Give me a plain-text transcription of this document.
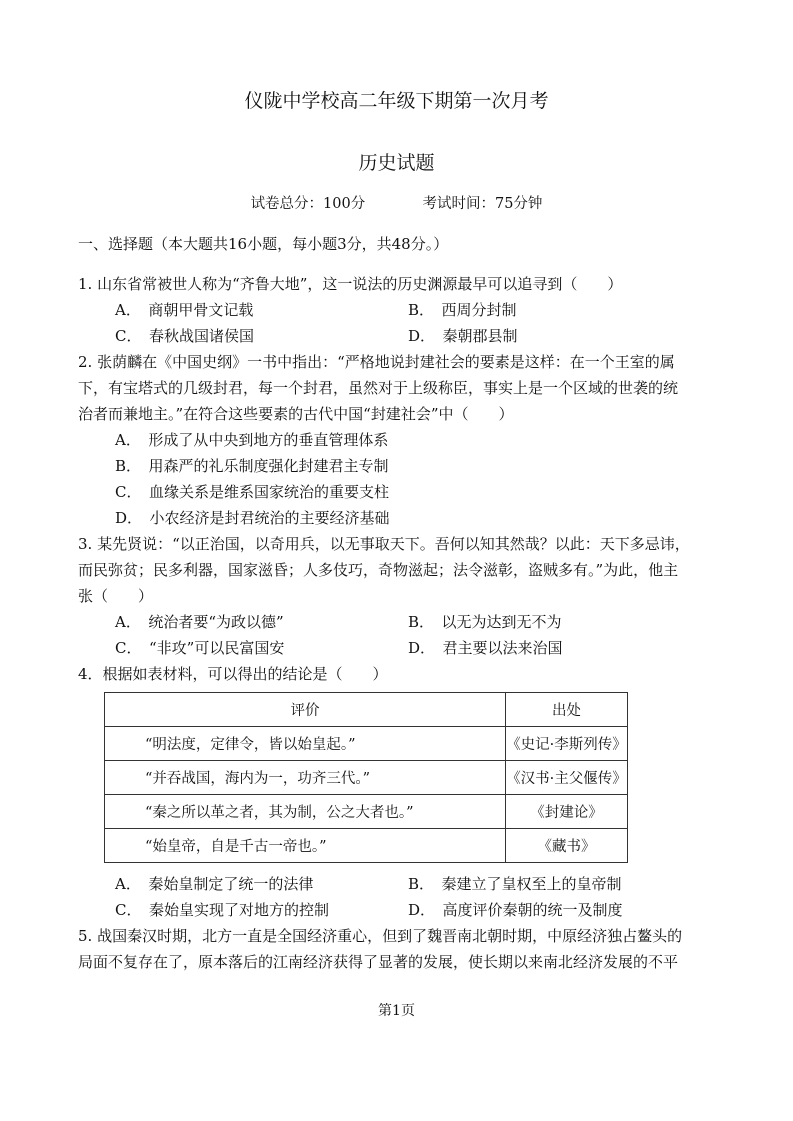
仪陇中学校高二年级下期第一次月考
历史试题
试卷总分：100分	考试时间：75分钟
一、选择题（本大题共16小题，每小题3分，共48分。）
1. 山东省常被世人称为“齐鲁大地”，这一说法的历史渊源最早可以追寻到（　　）
A．　商朝甲骨文记载	B．　西周分封制
C．　春秋战国诸侯国	D．　秦朝郡县制
2. 张荫麟在《中国史纲》一书中指出：“严格地说封建社会的要素是这样：在一个王室的属
下，有宝塔式的几级封君，每一个封君，虽然对于上级称臣，事实上是一个区域的世袭的统
治者而兼地主。”在符合这些要素的古代中国“封建社会”中（　　）
A．　形成了从中央到地方的垂直管理体系
B．　用森严的礼乐制度强化封建君主专制
C．　血缘关系是维系国家统治的重要支柱
D．　小农经济是封君统治的主要经济基础
3. 某先贤说：“以正治国，以奇用兵，以无事取天下。吾何以知其然哉？以此：天下多忌讳，
而民弥贫；民多利器，国家滋昏；人多伎巧，奇物滋起；法令滋彰，盗贼多有。”为此，他主
张（　　）
A．　统治者要“为政以德”	B．　以无为达到无不为
C．　“非攻”可以民富国安	D．　君主要以法来治国
4．根据如表材料，可以得出的结论是（　　）
评价	出处
“明法度，定律令，皆以始皇起。”	《史记·李斯列传》
“并吞战国，海内为一，功齐三代。”	《汉书·主父偃传》
“秦之所以革之者，其为制，公之大者也。”	《封建论》
“始皇帝，自是千古一帝也。”	《藏书》
A．　秦始皇制定了统一的法律	B．　秦建立了皇权至上的皇帝制
C．　秦始皇实现了对地方的控制	D．　高度评价秦朝的统一及制度
5. 战国秦汉时期，北方一直是全国经济重心，但到了魏晋南北朝时期，中原经济独占鳌头的
局面不复存在了，原本落后的江南经济获得了显著的发展，使长期以来南北经济发展的不平
第1页
